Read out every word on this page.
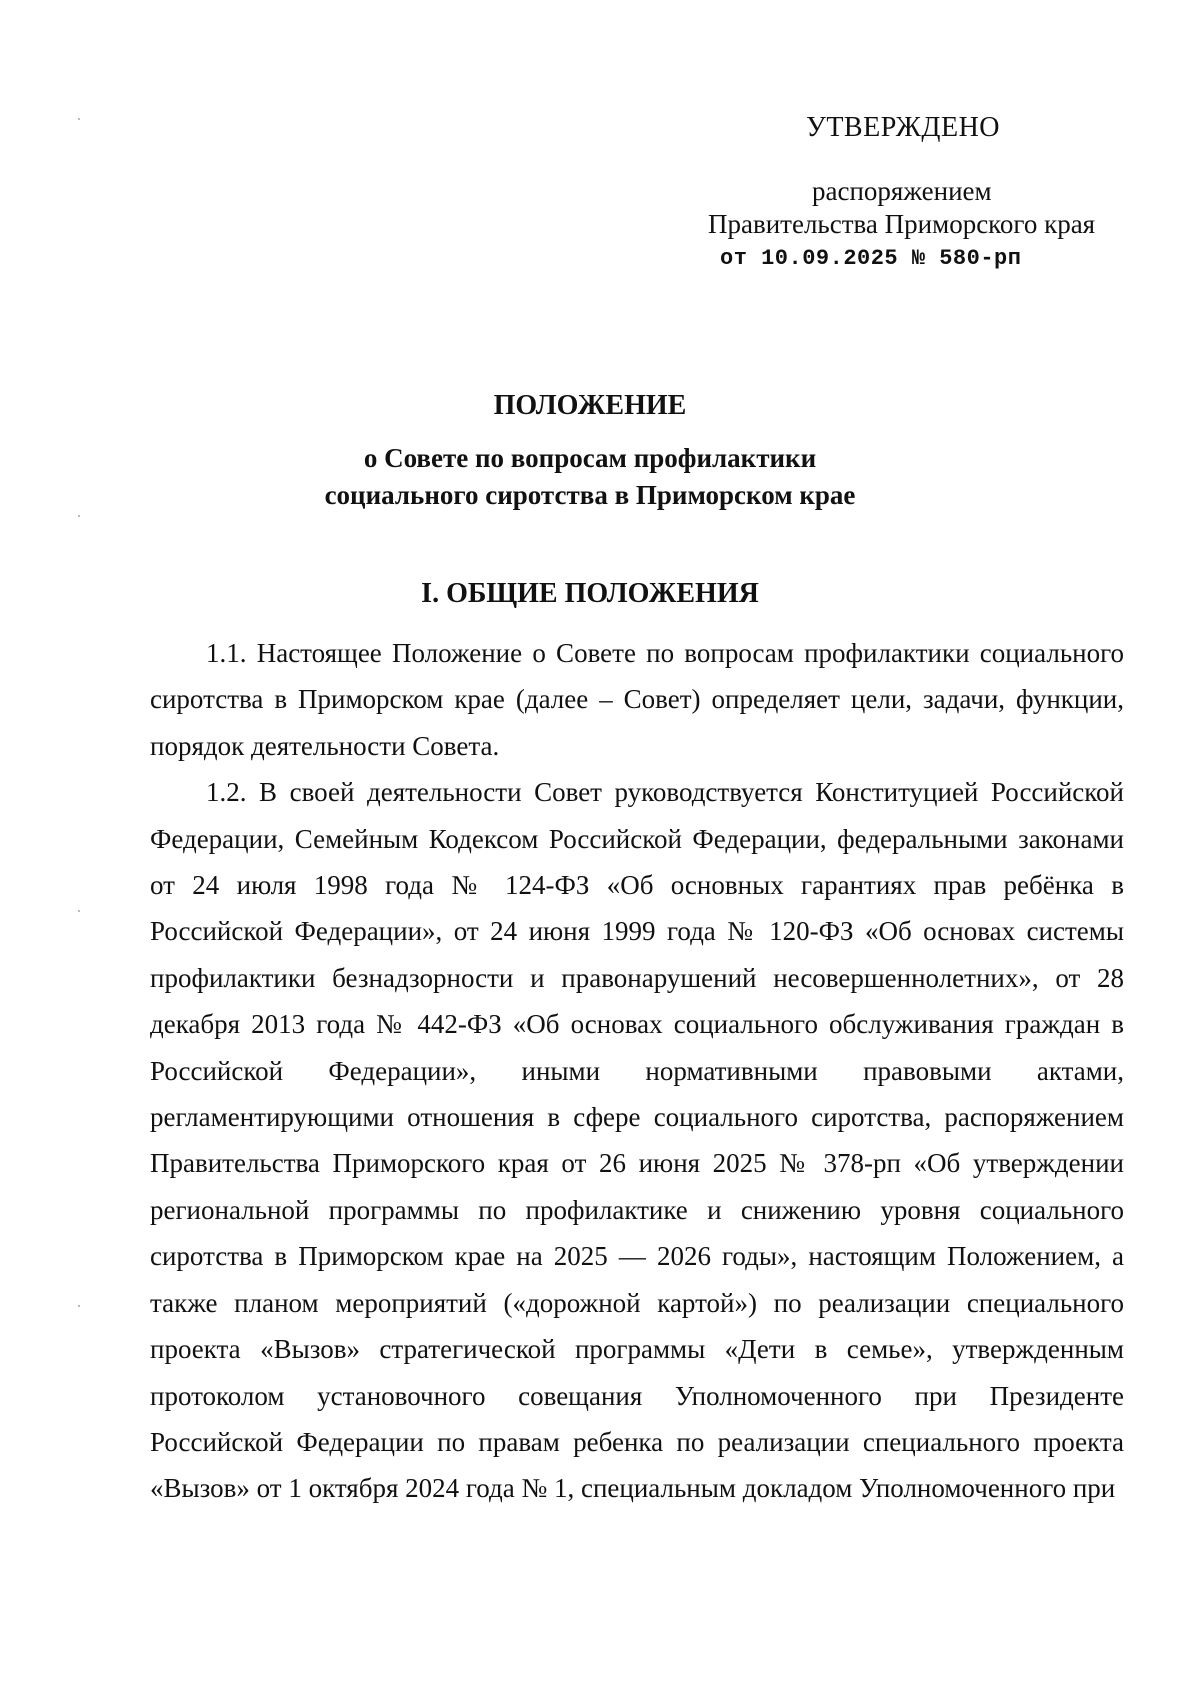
УТВЕРЖДЕНО
распоряжением
Правительства Приморского края
от 10.09.2025 № 580-рп
ПОЛОЖЕНИЕ
о Совете по вопросам профилактики
социального сиротства в Приморском крае
I. ОБЩИЕ ПОЛОЖЕНИЯ

1.1. Настоящее Положение о Совете по вопросам профилактики социального сиротства в Приморском крае (далее – Совет) определяет цели, задачи, функции, порядок деятельности Совета.

1.2. В своей деятельности Совет руководствуется Конституцией Российской Федерации, Семейным Кодексом Российской Федерации, федеральными законами от 24 июля 1998 года № 124-ФЗ «Об основных гарантиях прав ребёнка в Российской Федерации», от 24 июня 1999 года № 120-ФЗ «Об основах системы профилактики безнадзорности и правонарушений несовершеннолетних», от 28 декабря 2013 года № 442-ФЗ «Об основах социального обслуживания граждан в Российской Федерации», иными нормативными правовыми актами, регламентирующими отношения в сфере социального сиротства, распоряжением Правительства Приморского края от 26 июня 2025 № 378-рп «Об утверждении региональной программы по профилактике и снижению уровня социального сиротства в Приморском крае на 2025 — 2026 годы», настоящим Положением, а также планом мероприятий («дорожной картой») по реализации специального проекта «Вызов» стратегической программы «Дети в семье», утвержденным протоколом установочного совещания Уполномоченного при Президенте Российской Федерации по правам ребенка по реализации специального проекта «Вызов» от 1 октября 2024 года № 1, специальным докладом Уполномоченного при
